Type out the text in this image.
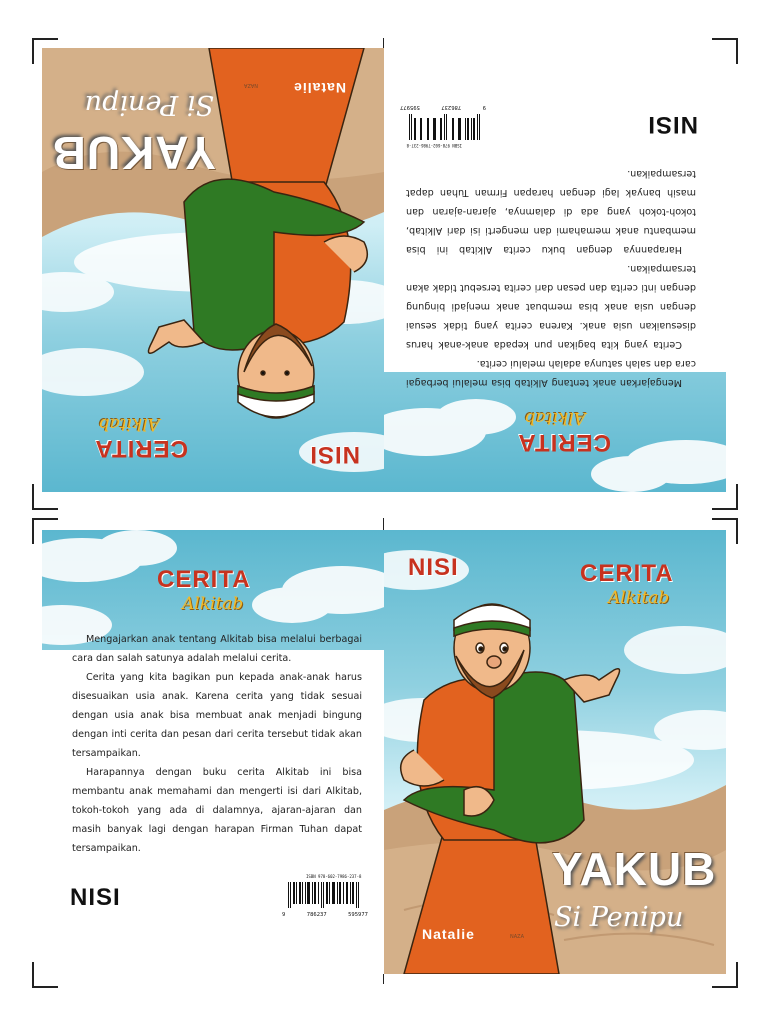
CERITA
Alkitab

Mengajarkan anak tentang Alkitab bisa melalui berbagai cara dan salah satunya adalah melalui cerita.

Cerita yang kita bagikan pun kepada anak-anak harus disesuaikan usia anak. Karena cerita yang tidak sesuai dengan usia anak bisa membuat anak menjadi bingung dengan inti cerita dan pesan dari cerita tersebut tidak akan tersampaikan.

Harapannya dengan buku cerita Alkitab ini bisa membantu anak memahami dan mengerti isi dari Alkitab, tokoh-tokoh yang ada di dalamnya, ajaran-ajaran dan masih banyak lagi dengan harapan Firman Tuhan dapat tersampaikan.

NISI
ISBN 978-602-7986-237-8
9	786237	595977
NISI	CERITA
Alkitab
YAKUB
Si Penipu
Natalie	NAZA
NISI
CERITA
Alkitab
YAKUB
Si Penipu
Natalie
NAZA
CERITA
Alkitab

Mengajarkan anak tentang Alkitab bisa melalui berbagai cara dan salah satunya adalah melalui cerita.

Cerita yang kita bagikan pun kepada anak-anak harus disesuaikan usia anak. Karena cerita yang tidak sesuai dengan usia anak bisa membuat anak menjadi bingung dengan inti cerita dan pesan dari cerita tersebut tidak akan tersampaikan.

Harapannya dengan buku cerita Alkitab ini bisa membantu anak memahami dan mengerti isi dari Alkitab, tokoh-tokoh yang ada di dalamnya, ajaran-ajaran dan masih banyak lagi dengan harapan Firman Tuhan dapat tersampaikan.

NISI
ISBN 978-602-7986-237-8
9
786237
595977
